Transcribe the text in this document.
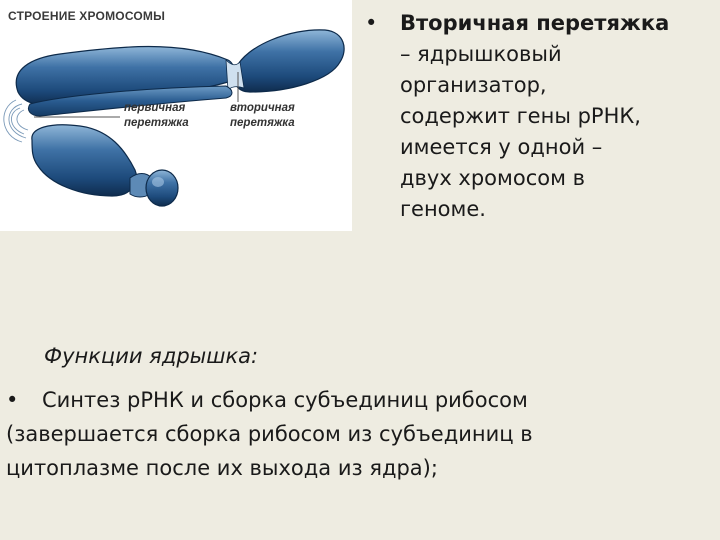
СТРОЕНИЕ ХРОМОСОМЫ
первичная
перетяжка
вторичная
перетяжка
• Вторичная перетяжка
– ядрышковый
организатор,
содержит гены рРНК,
имеется у одной –
двух хромосом в
геноме.
Функции ядрышка:
• Синтез рРНК и сборка субъединиц рибосом
(завершается сборка рибосом из субъединиц в
цитоплазме после их выхода из ядра);
